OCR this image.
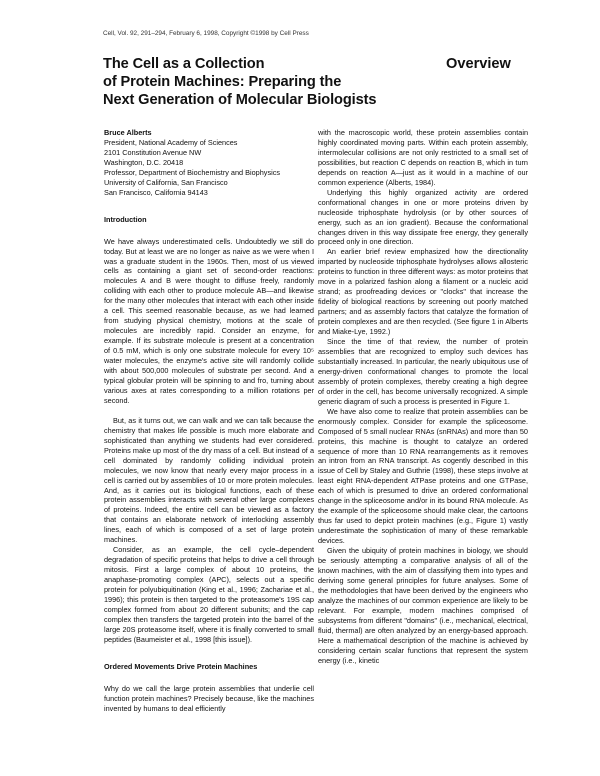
Cell, Vol. 92, 291–294, February 6, 1998, Copyright ©1998 by Cell Press
The Cell as a Collection
of Protein Machines: Preparing the
Next Generation of Molecular Biologists
Overview

Bruce Alberts

President, National Academy of Sciences

2101 Constitution Avenue NW

Washington, D.C. 20418

Professor, Department of Biochemistry and Biophysics

University of California, San Francisco

San Francisco, California 94143

Introduction

We have always underestimated cells. Undoubtedly we still do today. But at least we are no longer as naive as we were when I was a graduate student in the 1960s. Then, most of us viewed cells as containing a giant set of second-order reactions: molecules A and B were thought to diffuse freely, randomly colliding with each other to produce molecule AB—and likewise for the many other molecules that interact with each other inside a cell. This seemed reasonable because, as we had learned from studying physical chemistry, motions at the scale of molecules are incredibly rapid. Consider an enzyme, for example. If its substrate molecule is present at a concentration of 0.5 mM, which is only one substrate molecule for every 10⁵ water molecules, the enzyme's active site will randomly collide with about 500,000 molecules of substrate per second. And a typical globular protein will be spinning to and fro, turning about various axes at rates corresponding to a million rotations per second.

But, as it turns out, we can walk and we can talk because the chemistry that makes life possible is much more elaborate and sophisticated than anything we students had ever considered. Proteins make up most of the dry mass of a cell. But instead of a cell dominated by randomly colliding individual protein molecules, we now know that nearly every major process in a cell is carried out by assemblies of 10 or more protein molecules. And, as it carries out its biological functions, each of these protein assemblies interacts with several other large complexes of proteins. Indeed, the entire cell can be viewed as a factory that contains an elaborate network of interlocking assembly lines, each of which is composed of a set of large protein machines.

Consider, as an example, the cell cycle–dependent degradation of specific proteins that helps to drive a cell through mitosis. First a large complex of about 10 proteins, the anaphase-promoting complex (APC), selects out a specific protein for polyubiquitination (King et al., 1996; Zachariae et al., 1996); this protein is then targeted to the proteasome's 19S cap complex formed from about 20 different subunits; and the cap complex then transfers the targeted protein into the barrel of the large 20S proteasome itself, where it is finally converted to small peptides (Baumeister et al., 1998 [this issue]).

Ordered Movements Drive Protein Machines

Why do we call the large protein assemblies that underlie cell function protein machines? Precisely because, like the machines invented by humans to deal efficiently

with the macroscopic world, these protein assemblies contain highly coordinated moving parts. Within each protein assembly, intermolecular collisions are not only restricted to a small set of possibilities, but reaction C depends on reaction B, which in turn depends on reaction A—just as it would in a machine of our common experience (Alberts, 1984).

Underlying this highly organized activity are ordered conformational changes in one or more proteins driven by nucleoside triphosphate hydrolysis (or by other sources of energy, such as an ion gradient). Because the conformational changes driven in this way dissipate free energy, they generally proceed only in one direction.

An earlier brief review emphasized how the directionality imparted by nucleoside triphosphate hydrolyses allows allosteric proteins to function in three different ways: as motor proteins that move in a polarized fashion along a filament or a nucleic acid strand; as proofreading devices or "clocks" that increase the fidelity of biological reactions by screening out poorly matched partners; and as assembly factors that catalyze the formation of protein complexes and are then recycled. (See figure 1 in Alberts and Miake-Lye, 1992.)

Since the time of that review, the number of protein assemblies that are recognized to employ such devices has substantially increased. In particular, the nearly ubiquitous use of energy-driven conformational changes to promote the local assembly of protein complexes, thereby creating a high degree of order in the cell, has become universally recognized. A simple generic diagram of such a process is presented in Figure 1.

We have also come to realize that protein assemblies can be enormously complex. Consider for example the spliceosome. Composed of 5 small nuclear RNAs (snRNAs) and more than 50 proteins, this machine is thought to catalyze an ordered sequence of more than 10 RNA rearrangements as it removes an intron from an RNA transcript. As cogently described in this issue of Cell by Staley and Guthrie (1998), these steps involve at least eight RNA-dependent ATPase proteins and one GTPase, each of which is presumed to drive an ordered conformational change in the spliceosome and/or in its bound RNA molecule. As the example of the spliceosome should make clear, the cartoons thus far used to depict protein machines (e.g., Figure 1) vastly underestimate the sophistication of many of these remarkable devices.

Given the ubiquity of protein machines in biology, we should be seriously attempting a comparative analysis of all of the known machines, with the aim of classifying them into types and deriving some general principles for future analyses. Some of the methodologies that have been derived by the engineers who analyze the machines of our common experience are likely to be relevant. For example, modern machines comprised of subsystems from different "domains" (i.e., mechanical, electrical, fluid, thermal) are often analyzed by an energy-based approach. Here a mathematical description of the machine is achieved by considering certain scalar functions that represent the system energy (i.e., kinetic
